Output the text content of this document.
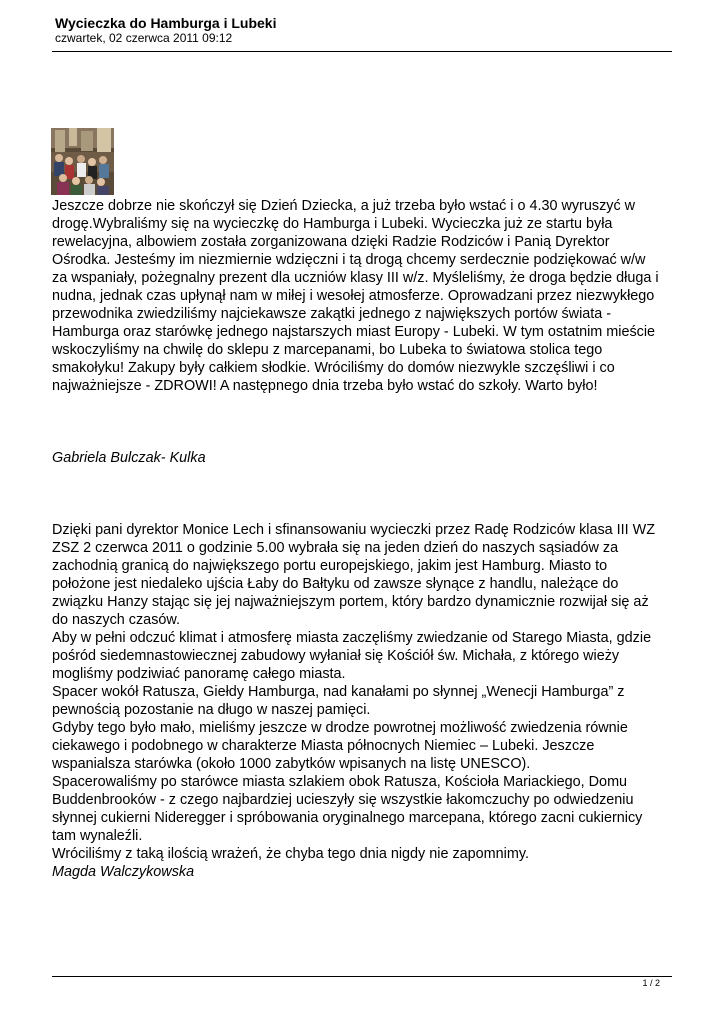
Wycieczka do Hamburga i Lubeki
czwartek, 02 czerwca 2011 09:12

Jeszcze dobrze nie skończył się Dzień Dziecka, a już trzeba było wstać i o 4.30 wyruszyć w
drogę.Wybraliśmy się na wycieczkę do Hamburga i Lubeki. Wycieczka już ze startu była
rewelacyjna, albowiem została zorganizowana dzięki Radzie Rodziców i Panią Dyrektor
Ośrodka. Jesteśmy im niezmiernie wdzięczni i tą drogą chcemy serdecznie podziękować w/w
za wspaniały, pożegnalny prezent dla uczniów klasy III w/z. Myśleliśmy, że droga będzie długa i
nudna, jednak czas upłynął nam w miłej i wesołej atmosferze. Oprowadzani przez niezwykłego
przewodnika zwiedziliśmy najciekawsze zakątki jednego z największych portów świata -
Hamburga oraz starówkę jednego najstarszych miast Europy - Lubeki. W tym ostatnim mieście
wskoczyliśmy na chwilę do sklepu z marcepanami, bo Lubeka to światowa stolica tego
smakołyku! Zakupy były całkiem słodkie. Wróciliśmy do domów niezwykle szczęśliwi i co
najważniejsze - ZDROWI! A następnego dnia trzeba było wstać do szkoły. Warto było!

Gabriela Bulczak- Kulka

Dzięki pani dyrektor Monice Lech i sfinansowaniu wycieczki przez Radę Rodziców klasa III WZ
ZSZ 2 czerwca 2011 o godzinie 5.00 wybrała się na jeden dzień do naszych sąsiadów za
zachodnią granicą do największego portu europejskiego, jakim jest Hamburg. Miasto to
położone jest niedaleko ujścia Łaby do Bałtyku od zawsze słynące z handlu, należące do
związku Hanzy stając się jej najważniejszym portem, który bardzo dynamicznie rozwijał się aż
do naszych czasów.
Aby w pełni odczuć klimat i atmosferę miasta zaczęliśmy zwiedzanie od Starego Miasta, gdzie
pośród siedemnastowiecznej zabudowy wyłaniał się Kościół św. Michała, z którego wieży
mogliśmy podziwiać panoramę całego miasta.
Spacer wokół Ratusza, Giełdy Hamburga, nad kanałami po słynnej „Wenecji Hamburga” z
pewnością pozostanie na długo w naszej pamięci.
Gdyby tego było mało, mieliśmy jeszcze w drodze powrotnej możliwość zwiedzenia równie
ciekawego i podobnego w charakterze Miasta północnych Niemiec – Lubeki. Jeszcze
wspanialsza starówka (około 1000 zabytków wpisanych na listę UNESCO).
Spacerowaliśmy po starówce miasta szlakiem obok Ratusza, Kościoła Mariackiego, Domu
Buddenbrooków - z czego najbardziej ucieszyły się wszystkie łakomczuchy po odwiedzeniu
słynnej cukierni Nideregger i spróbowania oryginalnego marcepana, którego zacni cukiernicy
tam wynaleźli.
Wróciliśmy z taką ilością wrażeń, że chyba tego dnia nigdy nie zapomnimy.

Magda Walczykowska

1 / 2
